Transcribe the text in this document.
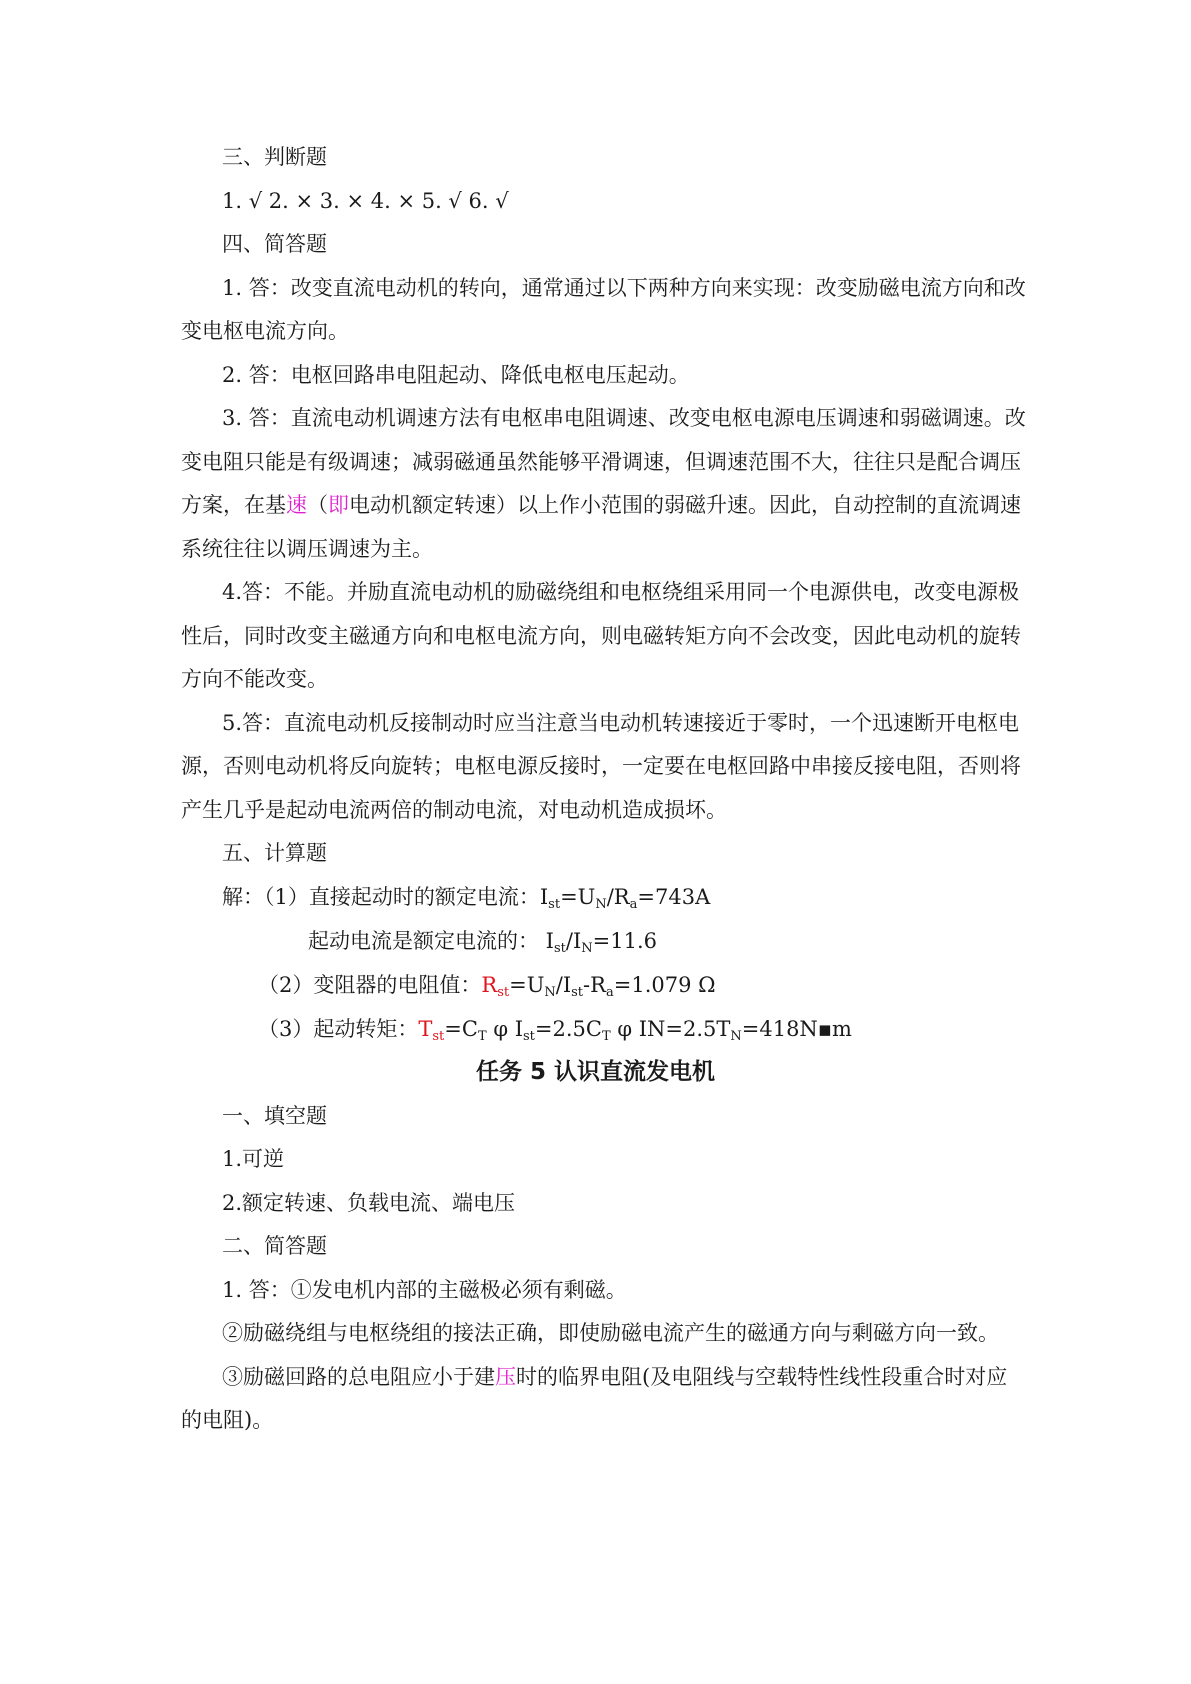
三、判断题
1. √ 2. × 3. × 4. × 5. √ 6. √
四、简答题
1. 答：改变直流电动机的转向，通常通过以下两种方向来实现：改变励磁电流方向和改
变电枢电流方向。
2. 答：电枢回路串电阻起动、降低电枢电压起动。
3. 答：直流电动机调速方法有电枢串电阻调速、改变电枢电源电压调速和弱磁调速。改
变电阻只能是有级调速；减弱磁通虽然能够平滑调速，但调速范围不大，往往只是配合调压
方案，在基速（即电动机额定转速）以上作小范围的弱磁升速。因此，自动控制的直流调速
系统往往以调压调速为主。
4.答：不能。并励直流电动机的励磁绕组和电枢绕组采用同一个电源供电，改变电源极
性后，同时改变主磁通方向和电枢电流方向，则电磁转矩方向不会改变，因此电动机的旋转
方向不能改变。
5.答：直流电动机反接制动时应当注意当电动机转速接近于零时，一个迅速断开电枢电
源，否则电动机将反向旋转；电枢电源反接时，一定要在电枢回路中串接反接电阻，否则将
产生几乎是起动电流两倍的制动电流，对电动机造成损坏。
五、计算题
解：（1）直接起动时的额定电流：$I_{st}=U_N/R_a=743A$
起动电流是额定电流的： $I_{st}/I_N=11.6$
（2）变阻器的电阻值：$R_{st}=U_N/I_{st}-R_a=1.079$ Ω
（3）起动转矩：$T_{st}=C_T$ φ $I_{st}=2.5C_T$ φ $IN=2.5T_N=418N▪m$
任务 5 认识直流发电机
一、填空题
1.可逆
2.额定转速、负载电流、端电压
二、简答题
1. 答：①发电机内部的主磁极必须有剩磁。
②励磁绕组与电枢绕组的接法正确，即使励磁电流产生的磁通方向与剩磁方向一致。
③励磁回路的总电阻应小于建压时的临界电阻(及电阻线与空载特性线性段重合时对应
的电阻)。
